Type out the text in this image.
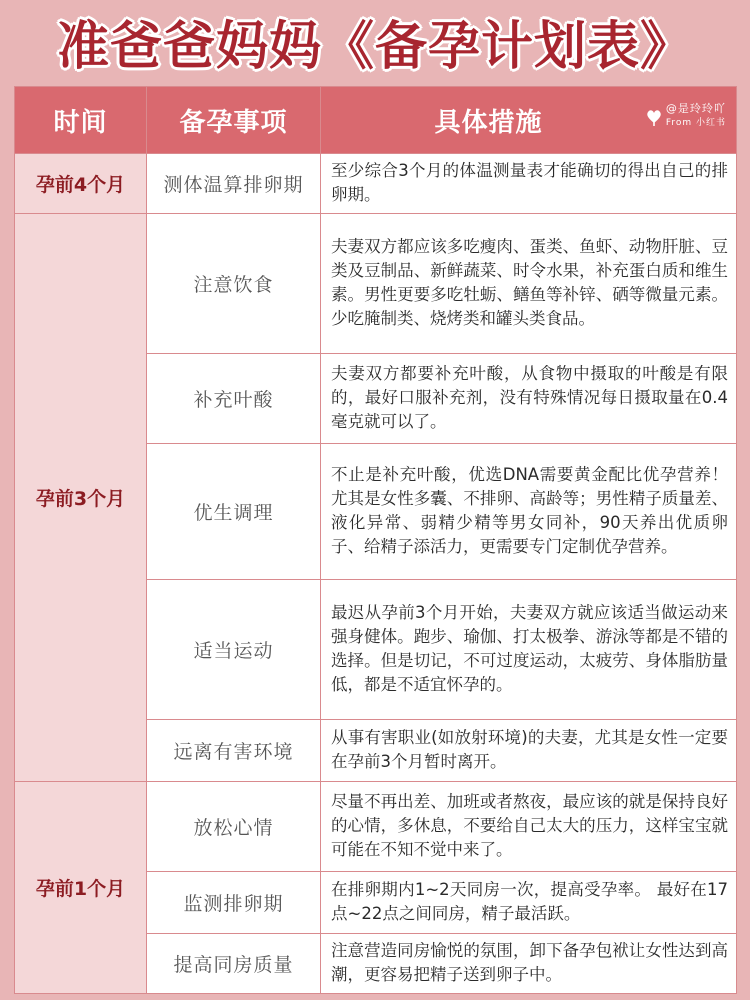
准爸爸妈妈《备孕计划表》
时间	备孕事项	具体措施 @是玲玲吖
From 小红书

孕前4个月	测体温算排卵期	至少综合3个月的体温测量表才能确切的得出自己的排卵期。
孕前3个月	注意饮食	夫妻双方都应该多吃瘦肉、蛋类、鱼虾、动物肝脏、豆类及豆制品、新鲜蔬菜、时令水果，补充蛋白质和维生素。男性更要多吃牡蛎、鳝鱼等补锌、硒等微量元素。少吃腌制类、烧烤类和罐头类食品。
	补充叶酸	夫妻双方都要补充叶酸，从食物中摄取的叶酸是有限的，最好口服补充剂，没有特殊情况每日摄取量在0.4毫克就可以了。
	优生调理	不止是补充叶酸，优选DNA需要黄金配比优孕营养！尤其是女性多囊、不排卵、高龄等；男性精子质量差、液化异常、弱精少精等男女同补，90天养出优质卵子、给精子添活力，更需要专门定制优孕营养。
	适当运动	最迟从孕前3个月开始，夫妻双方就应该适当做运动来强身健体。跑步、瑜伽、打太极拳、游泳等都是不错的选择。但是切记，不可过度运动，太疲劳、身体脂肪量低，都是不适宜怀孕的。
	远离有害环境	从事有害职业(如放射环境)的夫妻，尤其是女性一定要在孕前3个月暂时离开。
孕前1个月	放松心情	尽量不再出差、加班或者熬夜，最应该的就是保持良好的心情，多休息，不要给自己太大的压力，这样宝宝就可能在不知不觉中来了。
	监测排卵期	在排卵期内1~2天同房一次，提高受孕率。 最好在17点~22点之间同房，精子最活跃。
	提高同房质量	注意营造同房愉悦的氛围，卸下备孕包袱让女性达到高潮，更容易把精子送到卵子中。
